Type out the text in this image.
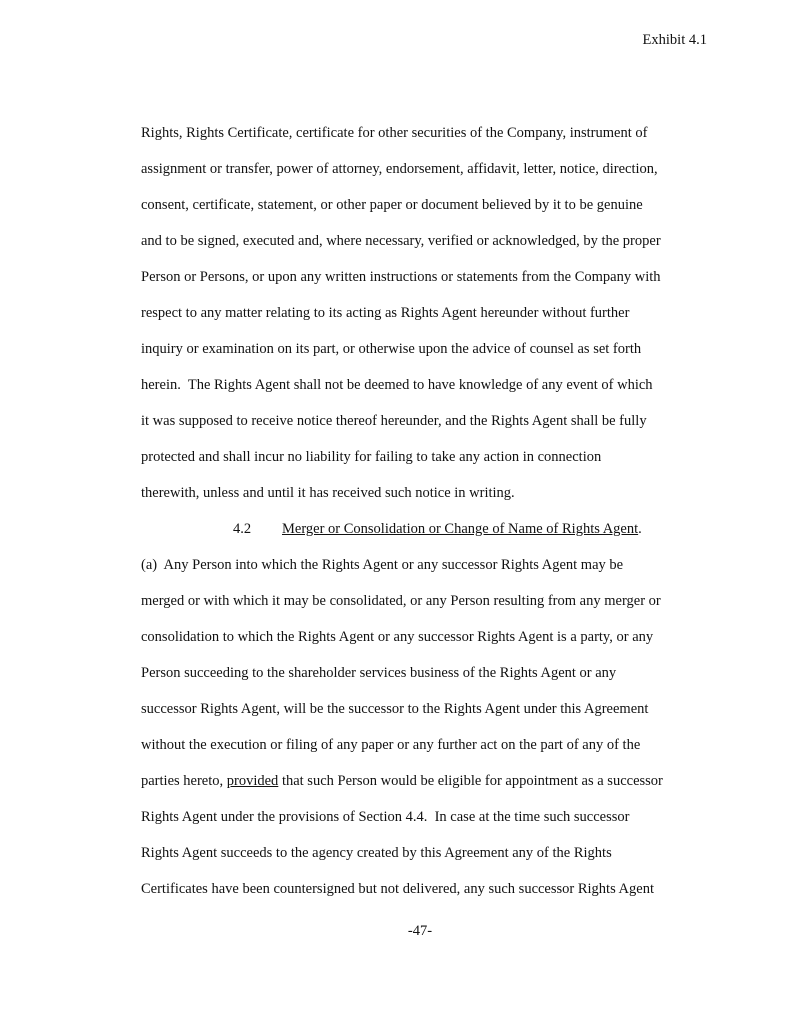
Exhibit 4.1
Rights, Rights Certificate, certificate for other securities of the Company, instrument of
assignment or transfer, power of attorney, endorsement, affidavit, letter, notice, direction,
consent, certificate, statement, or other paper or document believed by it to be genuine
and to be signed, executed and, where necessary, verified or acknowledged, by the proper
Person or Persons, or upon any written instructions or statements from the Company with
respect to any matter relating to its acting as Rights Agent hereunder without further
inquiry or examination on its part, or otherwise upon the advice of counsel as set forth
herein.  The Rights Agent shall not be deemed to have knowledge of any event of which
it was supposed to receive notice thereof hereunder, and the Rights Agent shall be fully
protected and shall incur no liability for failing to take any action in connection
therewith, unless and until it has received such notice in writing.
4.2 Merger or Consolidation or Change of Name of Rights Agent.
(a)  Any Person into which the Rights Agent or any successor Rights Agent may be
merged or with which it may be consolidated, or any Person resulting from any merger or
consolidation to which the Rights Agent or any successor Rights Agent is a party, or any
Person succeeding to the shareholder services business of the Rights Agent or any
successor Rights Agent, will be the successor to the Rights Agent under this Agreement
without the execution or filing of any paper or any further act on the part of any of the
parties hereto, provided that such Person would be eligible for appointment as a successor
Rights Agent under the provisions of Section 4.4.  In case at the time such successor
Rights Agent succeeds to the agency created by this Agreement any of the Rights
Certificates have been countersigned but not delivered, any such successor Rights Agent
-47-
